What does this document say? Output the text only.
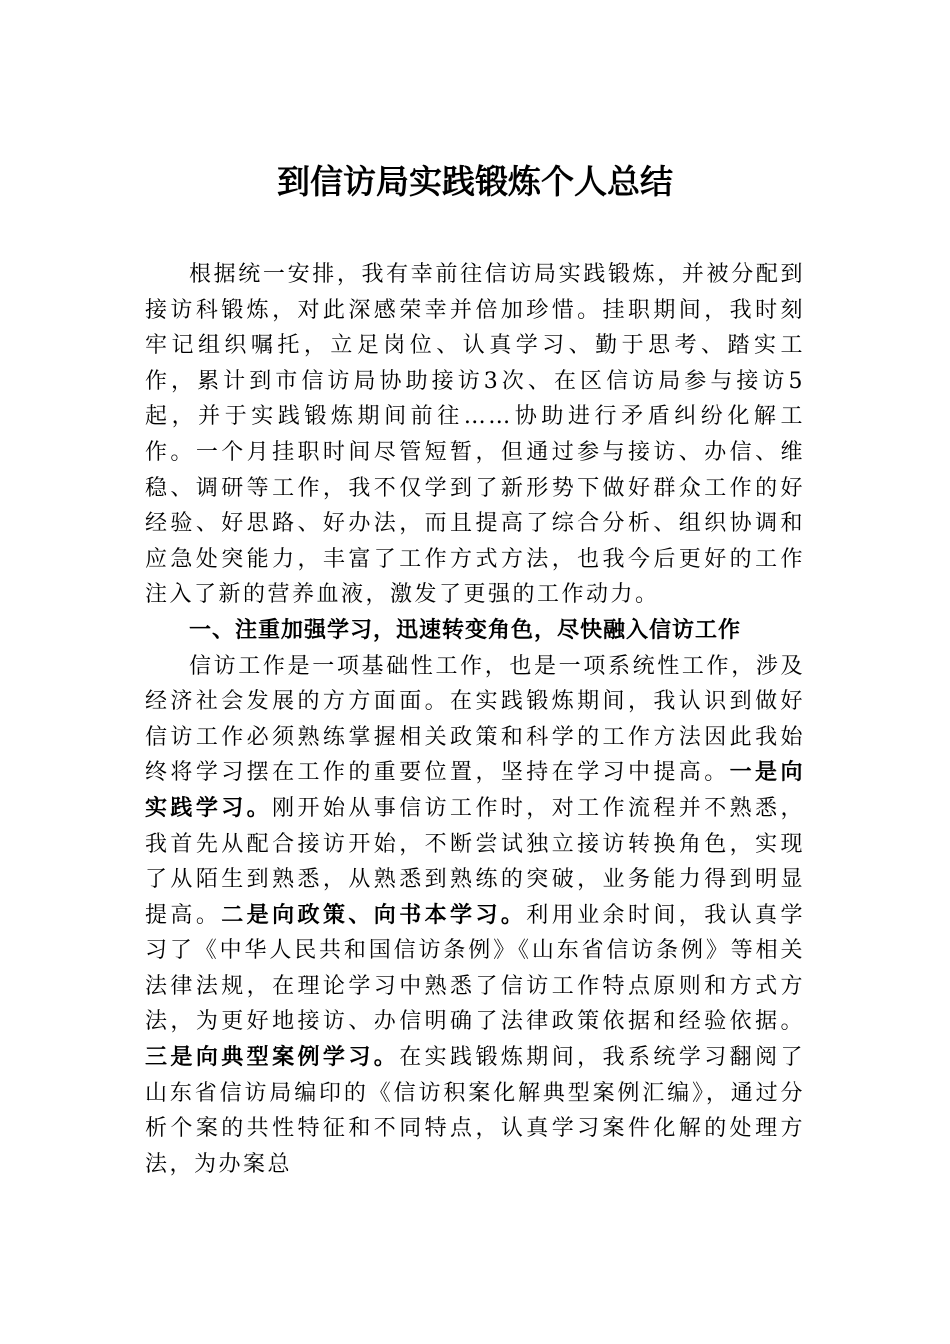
到信访局实践锻炼个人总结

根据统一安排，我有幸前往信访局实践锻炼，并被分配到接访科锻炼，对此深感荣幸并倍加珍惜。挂职期间，我时刻牢记组织嘱托，立足岗位、认真学习、勤于思考、踏实工作，累计到市信访局协助接访3次、在区信访局参与接访5起，并于实践锻炼期间前往……协助进行矛盾纠纷化解工作。一个月挂职时间尽管短暂，但通过参与接访、办信、维稳、调研等工作，我不仅学到了新形势下做好群众工作的好经验、好思路、好办法，而且提高了综合分析、组织协调和应急处突能力，丰富了工作方式方法，也我今后更好的工作注入了新的营养血液，激发了更强的工作动力。

一、注重加强学习，迅速转变角色，尽快融入信访工作

信访工作是一项基础性工作，也是一项系统性工作，涉及经济社会发展的方方面面。在实践锻炼期间，我认识到做好信访工作必须熟练掌握相关政策和科学的工作方法因此我始终将学习摆在工作的重要位置，坚持在学习中提高。一是向实践学习。刚开始从事信访工作时，对工作流程并不熟悉，我首先从配合接访开始，不断尝试独立接访转换角色，实现了从陌生到熟悉，从熟悉到熟练的突破，业务能力得到明显提高。二是向政策、向书本学习。利用业余时间，我认真学习了《中华人民共和国信访条例》《山东省信访条例》等相关法律法规，在理论学习中熟悉了信访工作特点原则和方式方法，为更好地接访、办信明确了法律政策依据和经验依据。三是向典型案例学习。在实践锻炼期间，我系统学习翻阅了山东省信访局编印的《信访积案化解典型案例汇编》，通过分析个案的共性特征和不同特点，认真学习案件化解的处理方法，为办案总
